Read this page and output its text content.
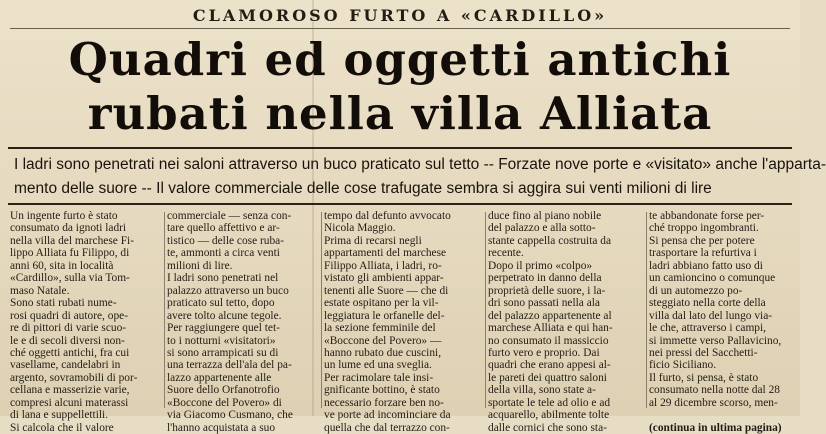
CLAMOROSO FURTO A «CARDILLO»
Quadri ed oggetti antichi
rubati nella villa Alliata
I ladri sono penetrati nei saloni attraverso un buco praticato sul tetto -- Forzate nove porte e «visitato» anche l'apparta-
mento delle suore -- Il valore commerciale delle cose trafugate sembra si aggira sui venti milioni di lire

Un ingente furto è stato

consumato da ignoti ladri

nella villa del marchese Fi-

lippo Alliata fu Filippo, di

anni 60, sita in località

«Cardillo», sulla via Tom-

maso Natale.

Sono stati rubati nume-

rosi quadri di autore, ope-

re di pittori di varie scuo-

le e di secoli diversi non-

ché oggetti antichi, fra cui

vasellame, candelabri in

argento, sovramobili di por-

cellana e masserizie varie,

compresi alcuni materassi

di lana e suppellettili.

Si calcola che il valore

commerciale — senza con-

tare quello affettivo e ar-

tistico — delle cose ruba-

te, ammonti a circa venti

milioni di lire.

I ladri sono penetrati nel

palazzo attraverso un buco

praticato sul tetto, dopo

avere tolto alcune tegole.

Per raggiungere quel tet-

to i notturni «visitatori»

si sono arrampicati su di

una terrazza dell'ala del pa-

lazzo appartenente alle

Suore dello Orfanotrofio

«Boccone del Povero» di

via Giacomo Cusmano, che

l'hanno acquistata a suo

tempo dal defunto avvocato

Nicola Maggio.

Prima di recarsi negli

appartamenti del marchese

Filippo Alliata, i ladri, ro-

vistato gli ambienti appar-

tenenti alle Suore — che di

estate ospitano per la vil-

leggiatura le orfanelle del-

la sezione femminile del

«Boccone del Povero» —

hanno rubato due cuscini,

un lume ed una sveglia.

Per racimolare tale insi-

gnificante bottino, è stato

necessario forzare ben no-

ve porte ad incominciare da

quella che dal terrazzo con-

duce fino al piano nobile

del palazzo e alla sotto-

stante cappella costruita da

recente.

Dopo il primo «colpo»

perpetrato in danno della

proprietà delle suore, i la-

dri sono passati nella ala

del palazzo appartenente al

marchese Alliata e qui han-

no consumato il massiccio

furto vero e proprio. Dai

quadri che erano appesi al-

le pareti dei quattro saloni

della villa, sono state a-

sportate le tele ad olio e ad

acquarello, abilmente tolte

dalle cornici che sono sta-

te abbandonate forse per-

ché troppo ingombranti.

Si pensa che per potere

trasportare la refurtiva i

ladri abbiano fatto uso di

un camioncino o comunque

di un automezzo po-

steggiato nella corte della

villa dal lato del lungo via-

le che, attraverso i campi,

si immette verso Pallavicino,

nei pressi del Sacchetti-

ficio Siciliano.

Il furto, si pensa, è stato

consumato nella notte dal 28

al 29 dicembre scorso, men-

(continua in ultima pagina)
